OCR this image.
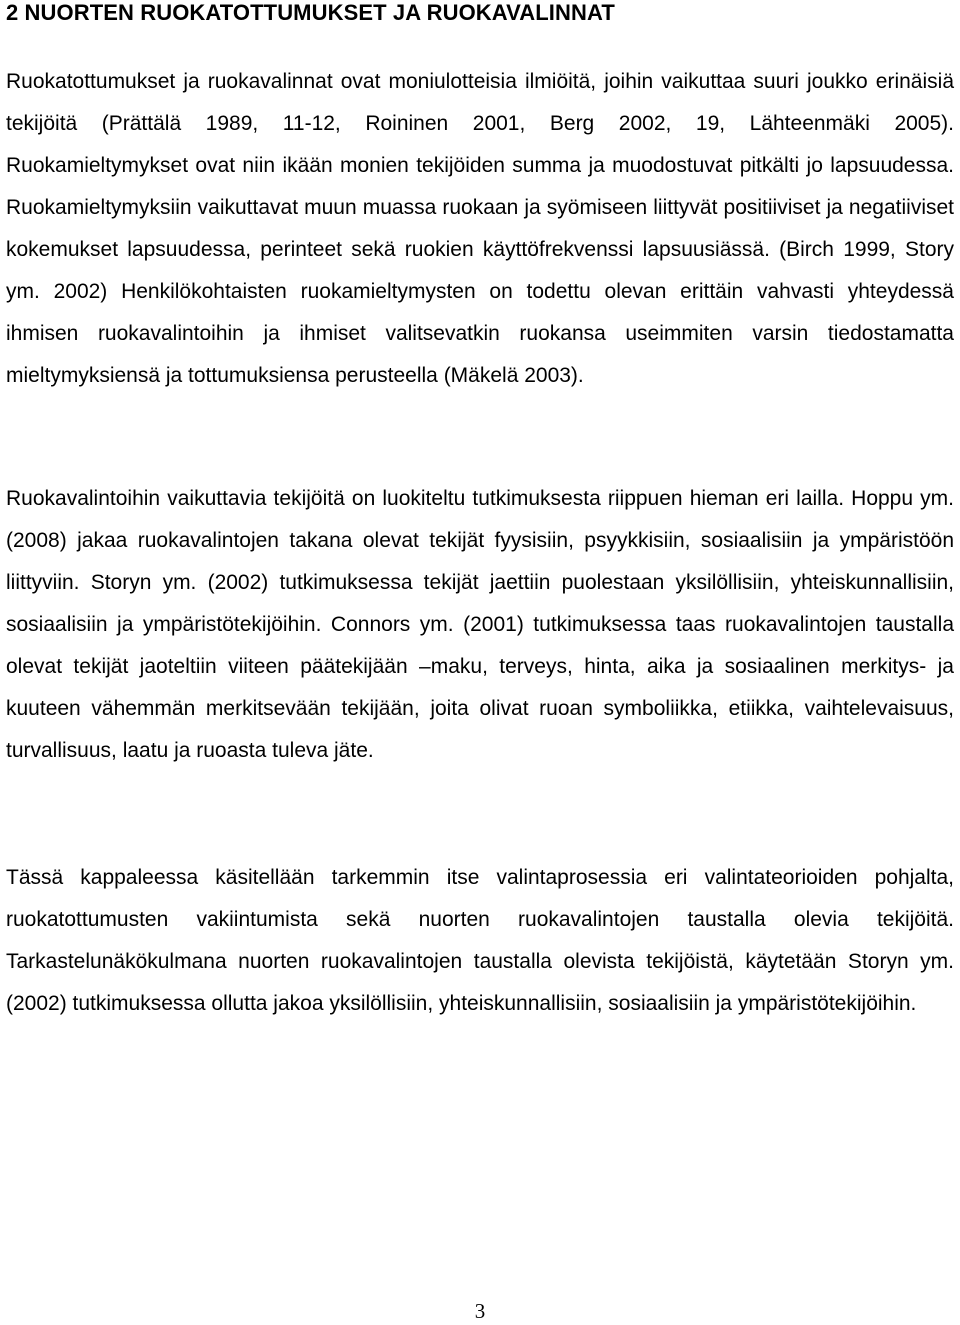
2 NUORTEN RUOKATOTTUMUKSET JA RUOKAVALINNAT

Ruokatottumukset ja ruokavalinnat ovat moniulotteisia ilmiöitä, joihin vaikuttaa suuri joukko erinäisiä tekijöitä (Prättälä 1989, 11-12, Roininen 2001, Berg 2002, 19, Lähteenmäki 2005). Ruokamieltymykset ovat niin ikään monien tekijöiden summa ja muodostuvat pitkälti jo lapsuudessa. Ruokamieltymyksiin vaikuttavat muun muassa ruokaan ja syömiseen liittyvät positiiviset ja negatiiviset kokemukset lapsuudessa, perinteet sekä ruokien käyttöfrekvenssi lapsuusiässä. (Birch 1999, Story ym. 2002) Henkilökohtaisten ruokamieltymysten on todettu olevan erittäin vahvasti yhteydessä ihmisen ruokavalintoihin ja ihmiset valitsevatkin ruokansa useimmiten varsin tiedostamatta mieltymyksiensä ja tottumuksiensa perusteella (Mäkelä 2003).

Ruokavalintoihin vaikuttavia tekijöitä on luokiteltu tutkimuksesta riippuen hieman eri lailla. Hoppu ym. (2008) jakaa ruokavalintojen takana olevat tekijät fyysisiin, psyykkisiin, sosiaalisiin ja ympäristöön liittyviin. Storyn ym. (2002) tutkimuksessa tekijät jaettiin puolestaan yksilöllisiin, yhteiskunnallisiin, sosiaalisiin ja ympäristötekijöihin. Connors ym. (2001) tutkimuksessa taas ruokavalintojen taustalla olevat tekijät jaoteltiin viiteen päätekijään –maku, terveys, hinta, aika ja sosiaalinen merkitys- ja kuuteen vähemmän merkitsevään tekijään, joita olivat ruoan symboliikka, etiikka, vaihtelevaisuus, turvallisuus, laatu ja ruoasta tuleva jäte.

Tässä kappaleessa käsitellään tarkemmin itse valintaprosessia eri valintateorioiden pohjalta, ruokatottumusten vakiintumista sekä nuorten ruokavalintojen taustalla olevia tekijöitä. Tarkastelunäkökulmana nuorten ruokavalintojen taustalla olevista tekijöistä, käytetään Storyn ym. (2002) tutkimuksessa ollutta jakoa yksilöllisiin, yhteiskunnallisiin, sosiaalisiin ja ympäristötekijöihin.

3
